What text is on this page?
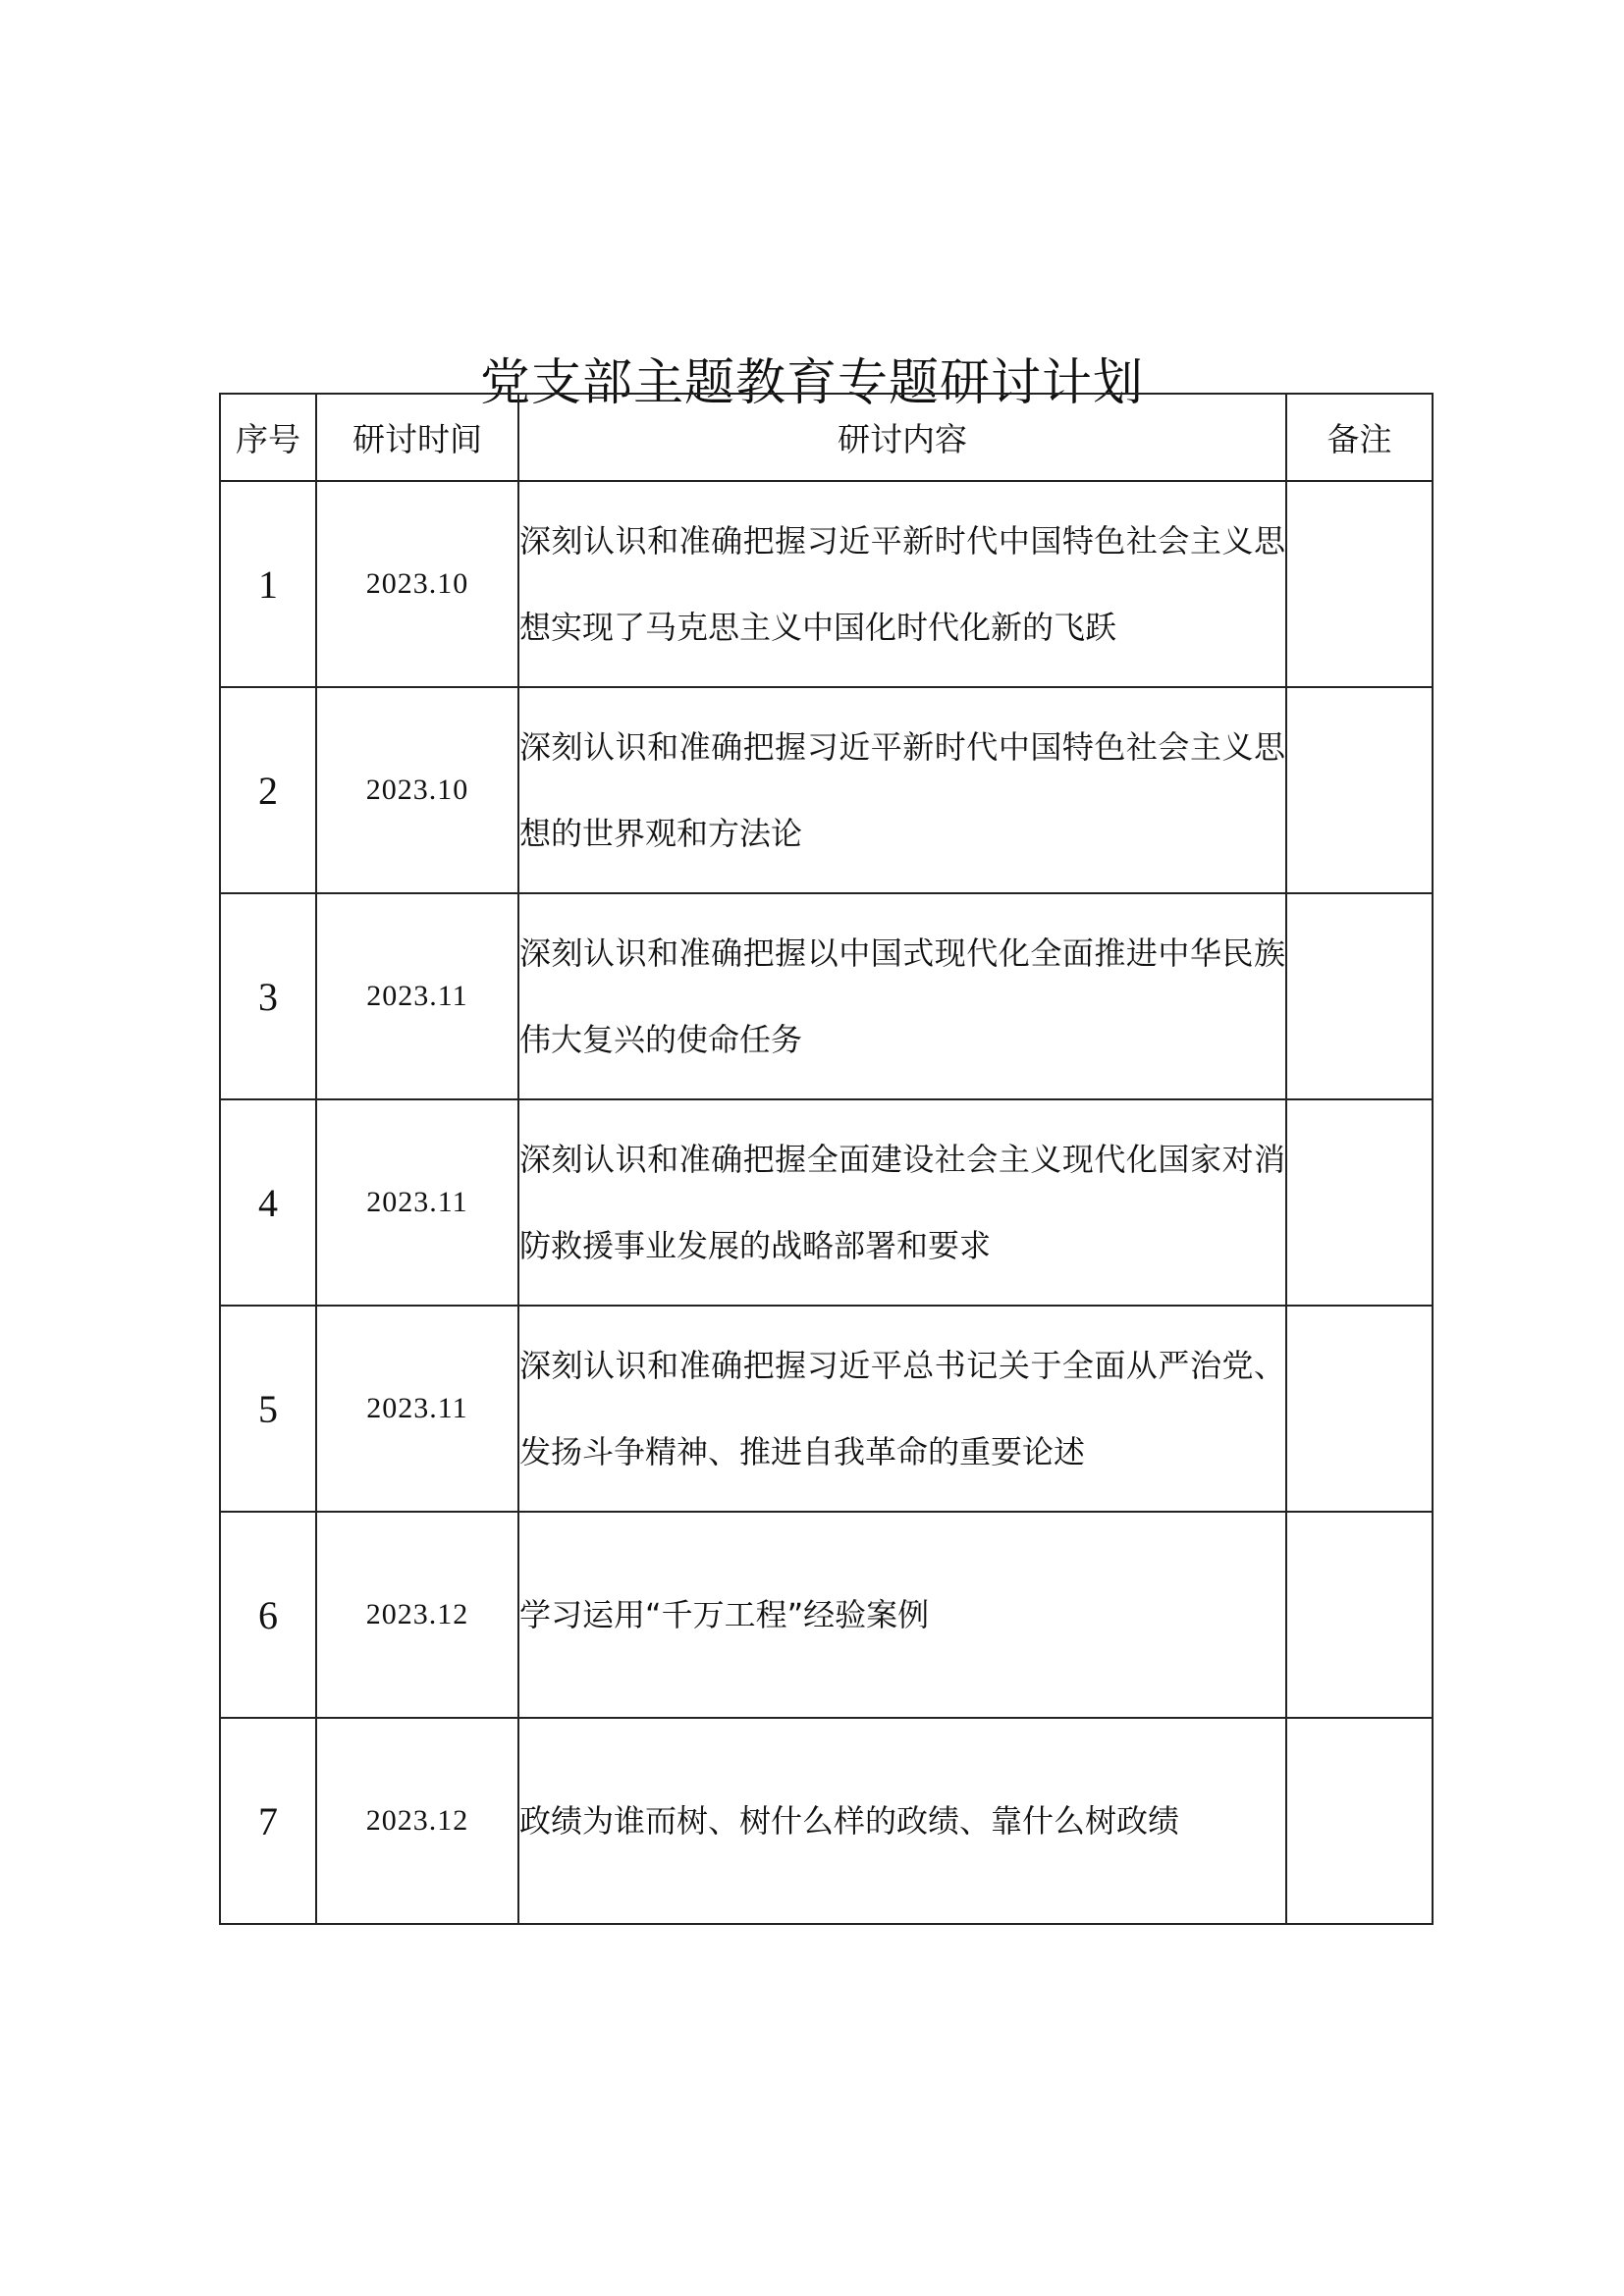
党支部主题教育专题研讨计划
序号	研讨时间	研讨内容	备注
1	2023.10	深刻认识和准确把握习近平新时代中国特色社会主义思想实现了马克思主义中国化时代化新的飞跃	
2	2023.10	深刻认识和准确把握习近平新时代中国特色社会主义思想的世界观和方法论	
3	2023.11	深刻认识和准确把握以中国式现代化全面推进中华民族伟大复兴的使命任务	
4	2023.11	深刻认识和准确把握全面建设社会主义现代化国家对消防救援事业发展的战略部署和要求	
5	2023.11	深刻认识和准确把握习近平总书记关于全面从严治党、发扬斗争精神、推进自我革命的重要论述	
6	2023.12	学习运用“千万工程”经验案例	
7	2023.12	政绩为谁而树、树什么样的政绩、靠什么树政绩	
